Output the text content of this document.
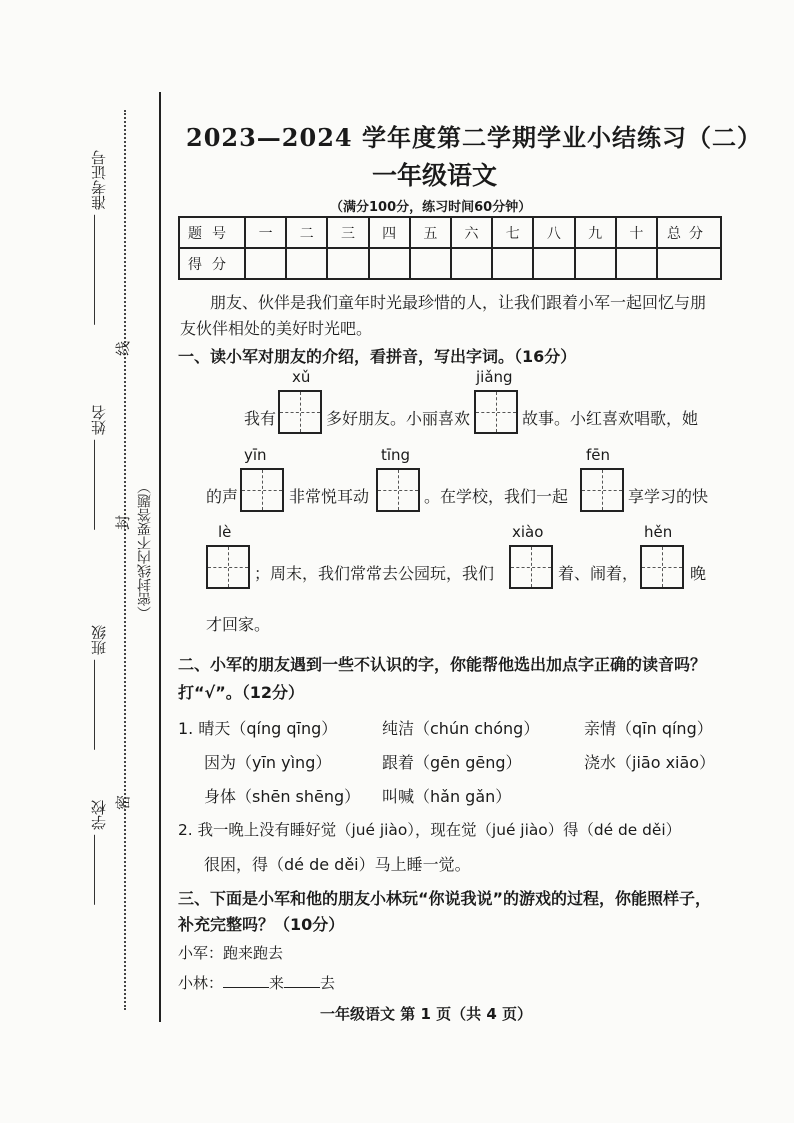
准考证号
线
姓名
封 （密封线内不要答题）
班级
密
学校
2023—2024 学年度第二学期学业小结练习（二）
一年级语文
（满分100分，练习时间60分钟）
题号	一	二	三	四	五	六	七	八	九	十	总分
得分											
朋友、伙伴是我们童年时光最珍惜的人，让我们跟着小军一起回忆与朋
友伙伴相处的美好时光吧。
一、读小军对朋友的介绍，看拼音，写出字词。（16分）
xǔ	jiǎng
我有	多好朋友。小丽喜欢	故事。小红喜欢唱歌，她
yīn	tīng	fēn
的声	非常悦耳动	。在学校，我们一起	享学习的快
lè	xiào	hěn
；周末，我们常常去公园玩，我们	着、闹着，	晚
才回家。
二、小军的朋友遇到一些不认识的字，你能帮他选出加点字正确的读音吗？
打“√”。（12分）
1. 晴天（qíng qīng）	纯洁（chún chóng）	亲情（qīn qíng）
因为（yīn yìng）	跟着（gēn gēng）	浇水（jiāo xiāo）
身体（shēn shēng） 叫喊（hǎn gǎn）
2. 我一晚上没有睡好觉（jué jiào），现在觉（jué jiào）得（dé de děi）
很困，得（dé de děi）马上睡一觉。
三、下面是小军和他的朋友小林玩“你说我说”的游戏的过程，你能照样子，
补充完整吗？（10分）
小军：跑来跑去
小林：	来 去
一年级语文 第 1 页（共 4 页）
